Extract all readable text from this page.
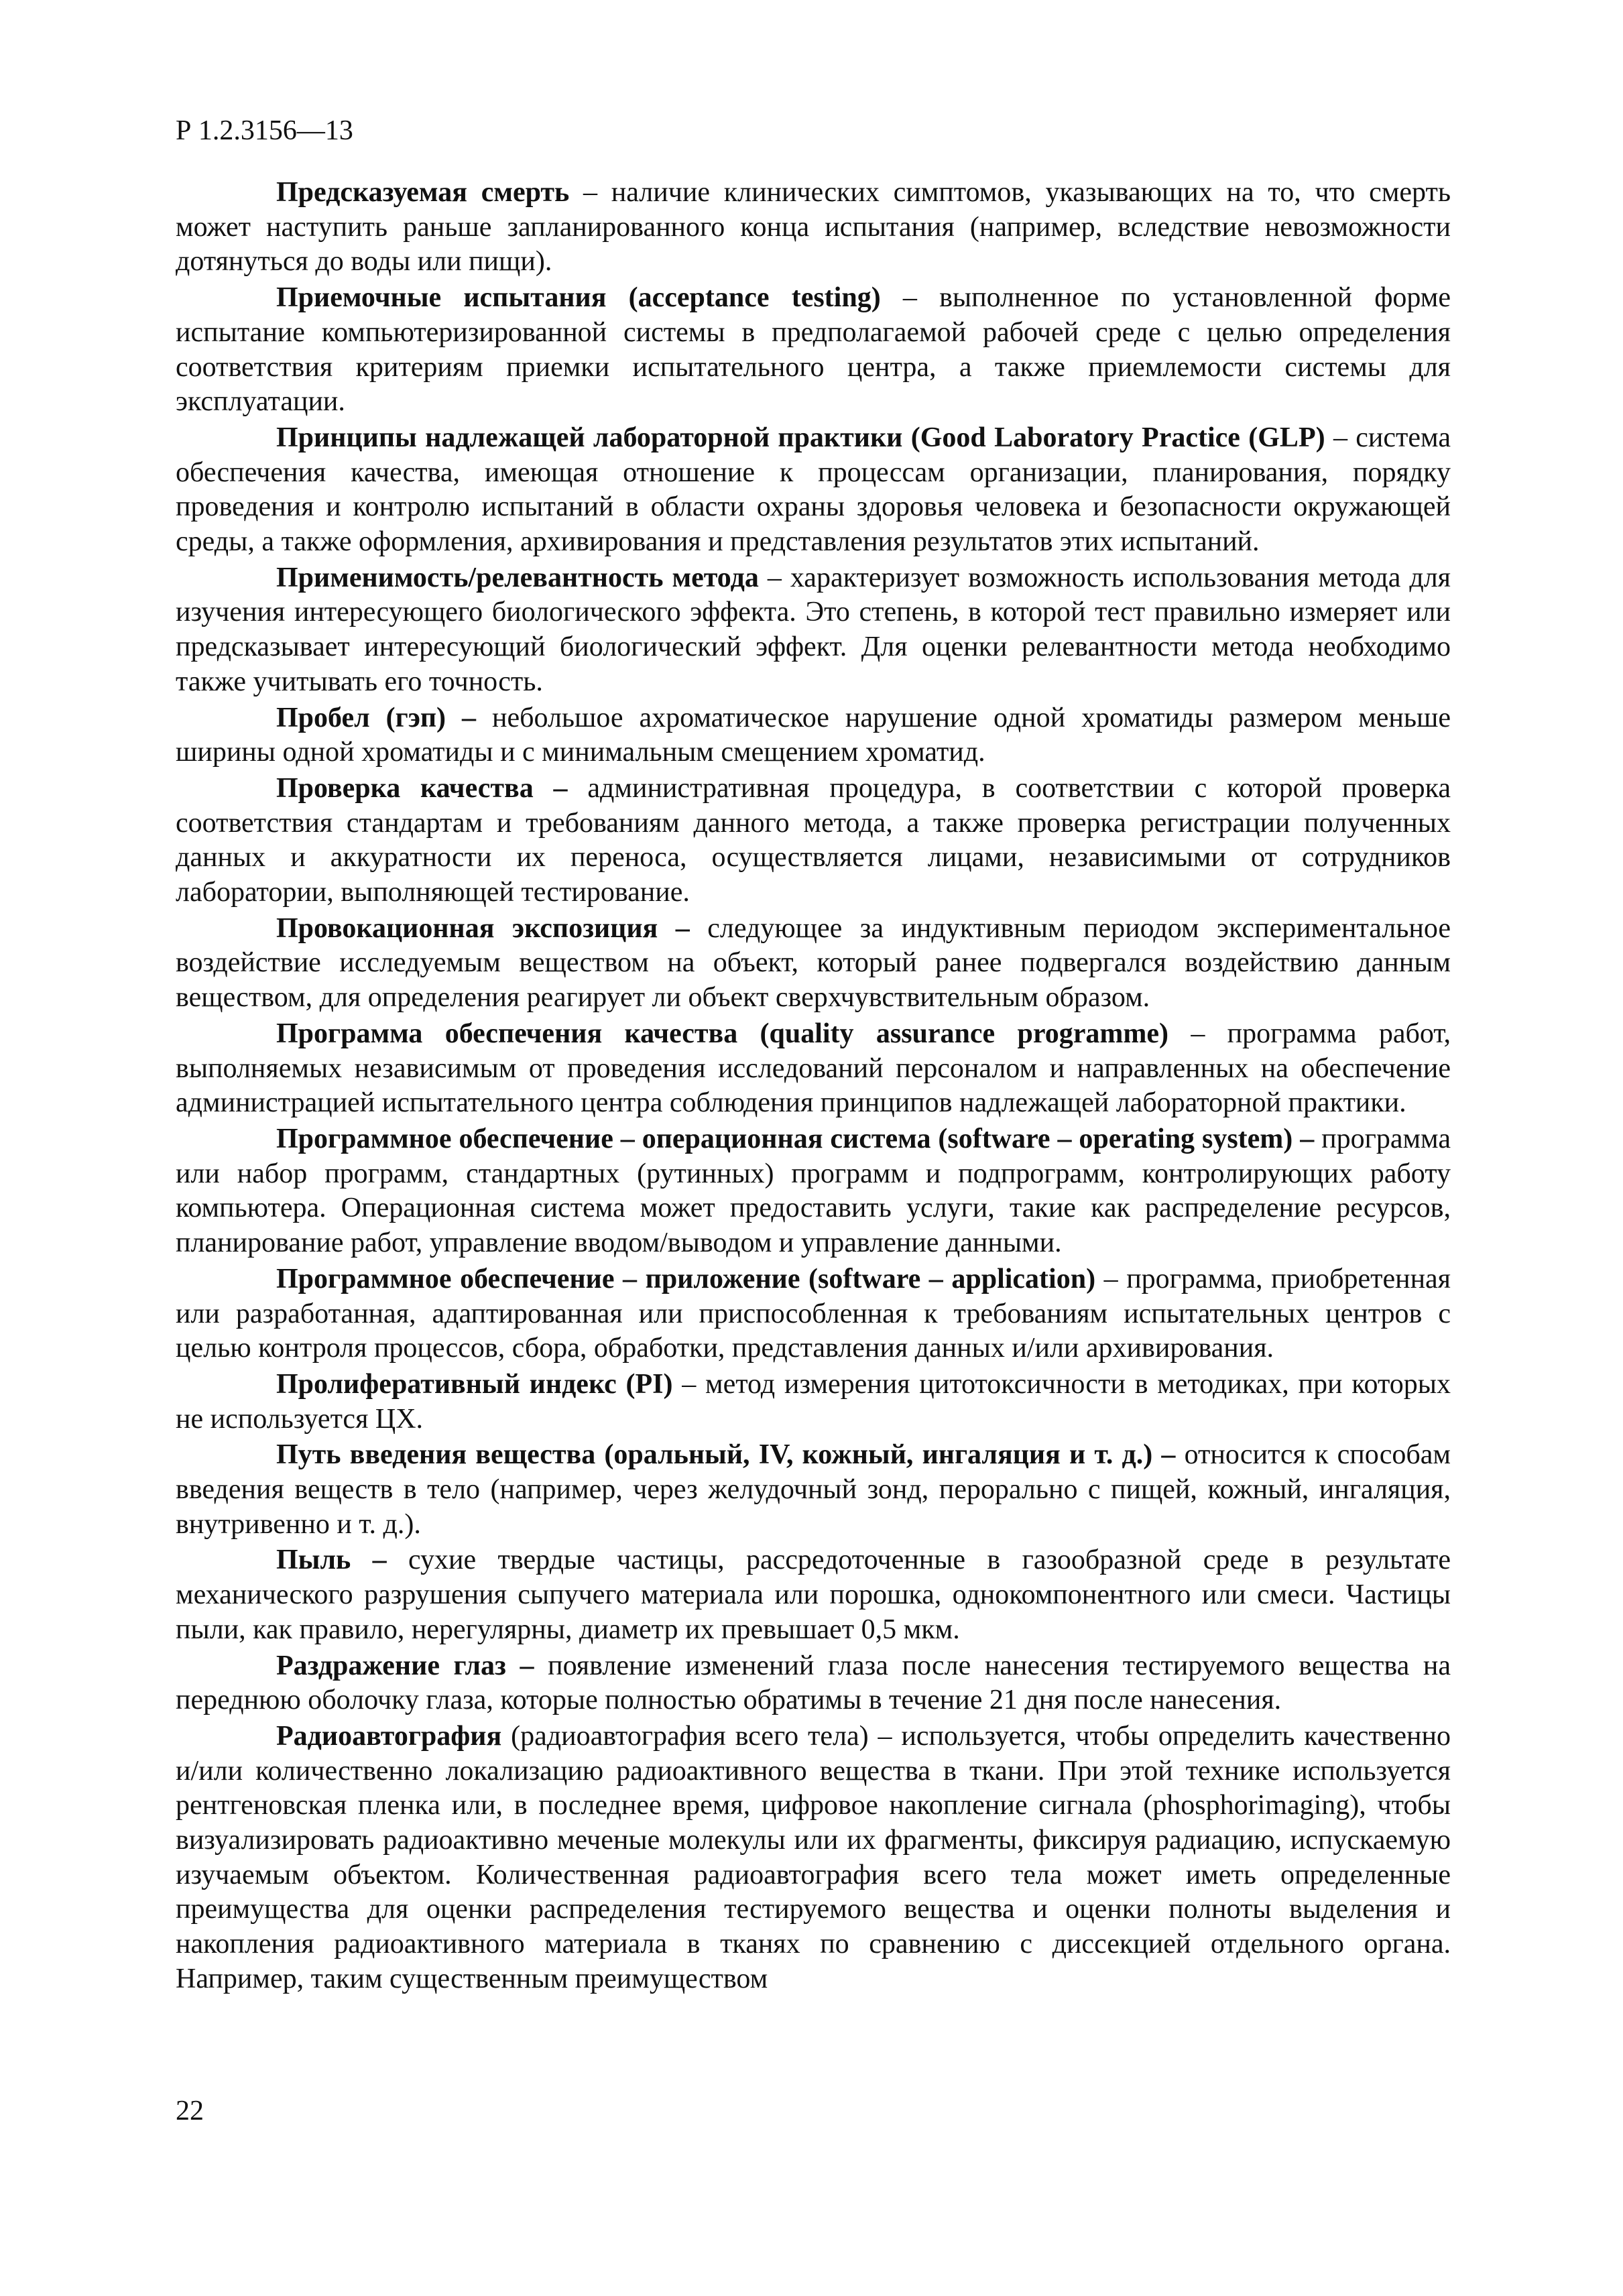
Р 1.2.3156—13

Предсказуемая смерть – наличие клинических симптомов, указывающих на то, что смерть может наступить раньше запланированного конца испытания (например, вследствие невозможности дотянуться до воды или пищи).

Приемочные испытания (acceptance testing) – выполненное по установленной форме испытание компьютеризированной системы в предполагаемой рабочей среде с целью определения соответствия критериям приемки испытательного центра, а также приемлемости системы для эксплуатации.

Принципы надлежащей лабораторной практики (Good Laboratory Practice (GLP) – система обеспечения качества, имеющая отношение к процессам организации, планирования, порядку проведения и контролю испытаний в области охраны здоровья человека и безопасности окружающей среды, а также оформления, архивирования и представления результатов этих испытаний.

Применимость/релевантность метода – характеризует возможность использования метода для изучения интересующего биологического эффекта. Это степень, в которой тест правильно измеряет или предсказывает интересующий биологический эффект. Для оценки релевантности метода необходимо также учитывать его точность.

Пробел (гэп) – небольшое ахроматическое нарушение одной хроматиды размером меньше ширины одной хроматиды и с минимальным смещением хроматид.

Проверка качества – административная процедура, в соответствии с которой проверка соответствия стандартам и требованиям данного метода, а также проверка регистрации полученных данных и аккуратности их переноса, осуществляется лицами, независимыми от сотрудников лаборатории, выполняющей тестирование.

Провокационная экспозиция – следующее за индуктивным периодом экспериментальное воздействие исследуемым веществом на объект, который ранее подвергался воздействию данным веществом, для определения реагирует ли объект сверхчувствительным образом.

Программа обеспечения качества (quality assurance programme) – программа работ, выполняемых независимым от проведения исследований персоналом и направленных на обеспечение администрацией испытательного центра соблюдения принципов надлежащей лабораторной практики.

Программное обеспечение – операционная система (software – operating system) – программа или набор программ, стандартных (рутинных) программ и подпрограмм, контролирующих работу компьютера. Операционная система может предоставить услуги, такие как распределение ресурсов, планирование работ, управление вводом/выводом и управление данными.

Программное обеспечение – приложение (software – application) – программа, приобретенная или разработанная, адаптированная или приспособленная к требованиям испытательных центров с целью контроля процессов, сбора, обработки, представления данных и/или архивирования.

Пролиферативный индекс (PI) – метод измерения цитотоксичности в методиках, при которых не используется ЦХ.

Путь введения вещества (оральный, IV, кожный, ингаляция и т. д.) – относится к способам введения веществ в тело (например, через желудочный зонд, перорально с пищей, кожный, ингаляция, внутривенно и т. д.).

Пыль – сухие твердые частицы, рассредоточенные в газообразной среде в результате механического разрушения сыпучего материала или порошка, однокомпонентного или смеси. Частицы пыли, как правило, нерегулярны, диаметр их превышает 0,5 мкм.

Раздражение глаз – появление изменений глаза после нанесения тестируемого вещества на переднюю оболочку глаза, которые полностью обратимы в течение 21 дня после нанесения.

Радиоавтография (радиоавтография всего тела) – используется, чтобы определить качественно и/или количественно локализацию радиоактивного вещества в ткани. При этой технике используется рентгеновская пленка или, в последнее время, цифровое накопление сигнала (phosphorimaging), чтобы визуализировать радиоактивно меченые молекулы или их фрагменты, фиксируя радиацию, испускаемую изучаемым объектом. Количественная радиоавтография всего тела может иметь определенные преимущества для оценки распределения тестируемого вещества и оценки полноты выделения и накопления радиоактивного материала в тканях по сравнению с диссекцией отдельного органа. Например, таким существенным преимуществом

22
